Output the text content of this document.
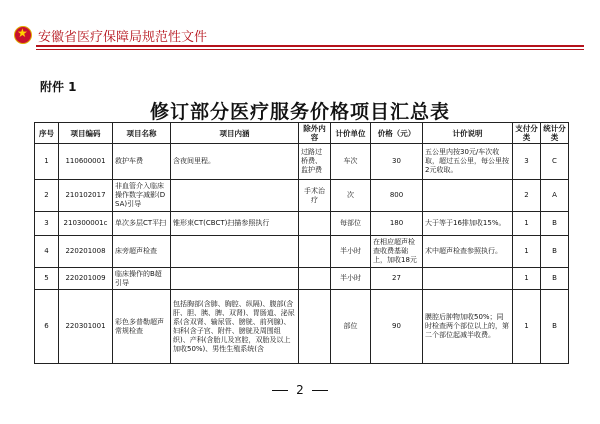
★
安徽省医疗保障局规范性文件
附件 1
修订部分医疗服务价格项目汇总表
序号	项目编码	项目名称	项目内涵	除外内容	计价单位	价格（元）	计价说明	支付分类	统计分类
1	110600001	救护车费	含夜间里程。	过路过桥费、监护费	车次	30	五公里内按30元/车次收取，超过五公里，每公里按2元收取。	3	C
2	210102017	非血管介入临床操作数字减影(DSA)引导		手术治疗	次	800		2	A
3	210300001c	单次多层CT平扫	锥形束CT(CBCT)扫描参照执行		每部位	180	大于等于16排加收15%。	1	B
4	220201008	床旁超声检查			半小时	在相应超声检查收费基础上，加收18元	术中超声检查参照执行。	1	B
5	220201009	临床操作的B超引导			半小时	27		1	B
6	220301001	彩色多普勒超声常规检查	包括胸部(含肺、胸腔、纵隔)、腹部(含肝、胆、胰、脾、双肾)、胃肠道、泌尿系(含双肾、输尿管、膀胱、前列腺)、妇科(含子宫、附件、膀胱及周围组织)、产科(含胎儿及宫腔，双胎及以上加收50%)、男性生殖系统(含		部位	90	膜腔后肿物加收50%；同时检查两个部位以上的，第二个部位起减半收费。	1	B
2
